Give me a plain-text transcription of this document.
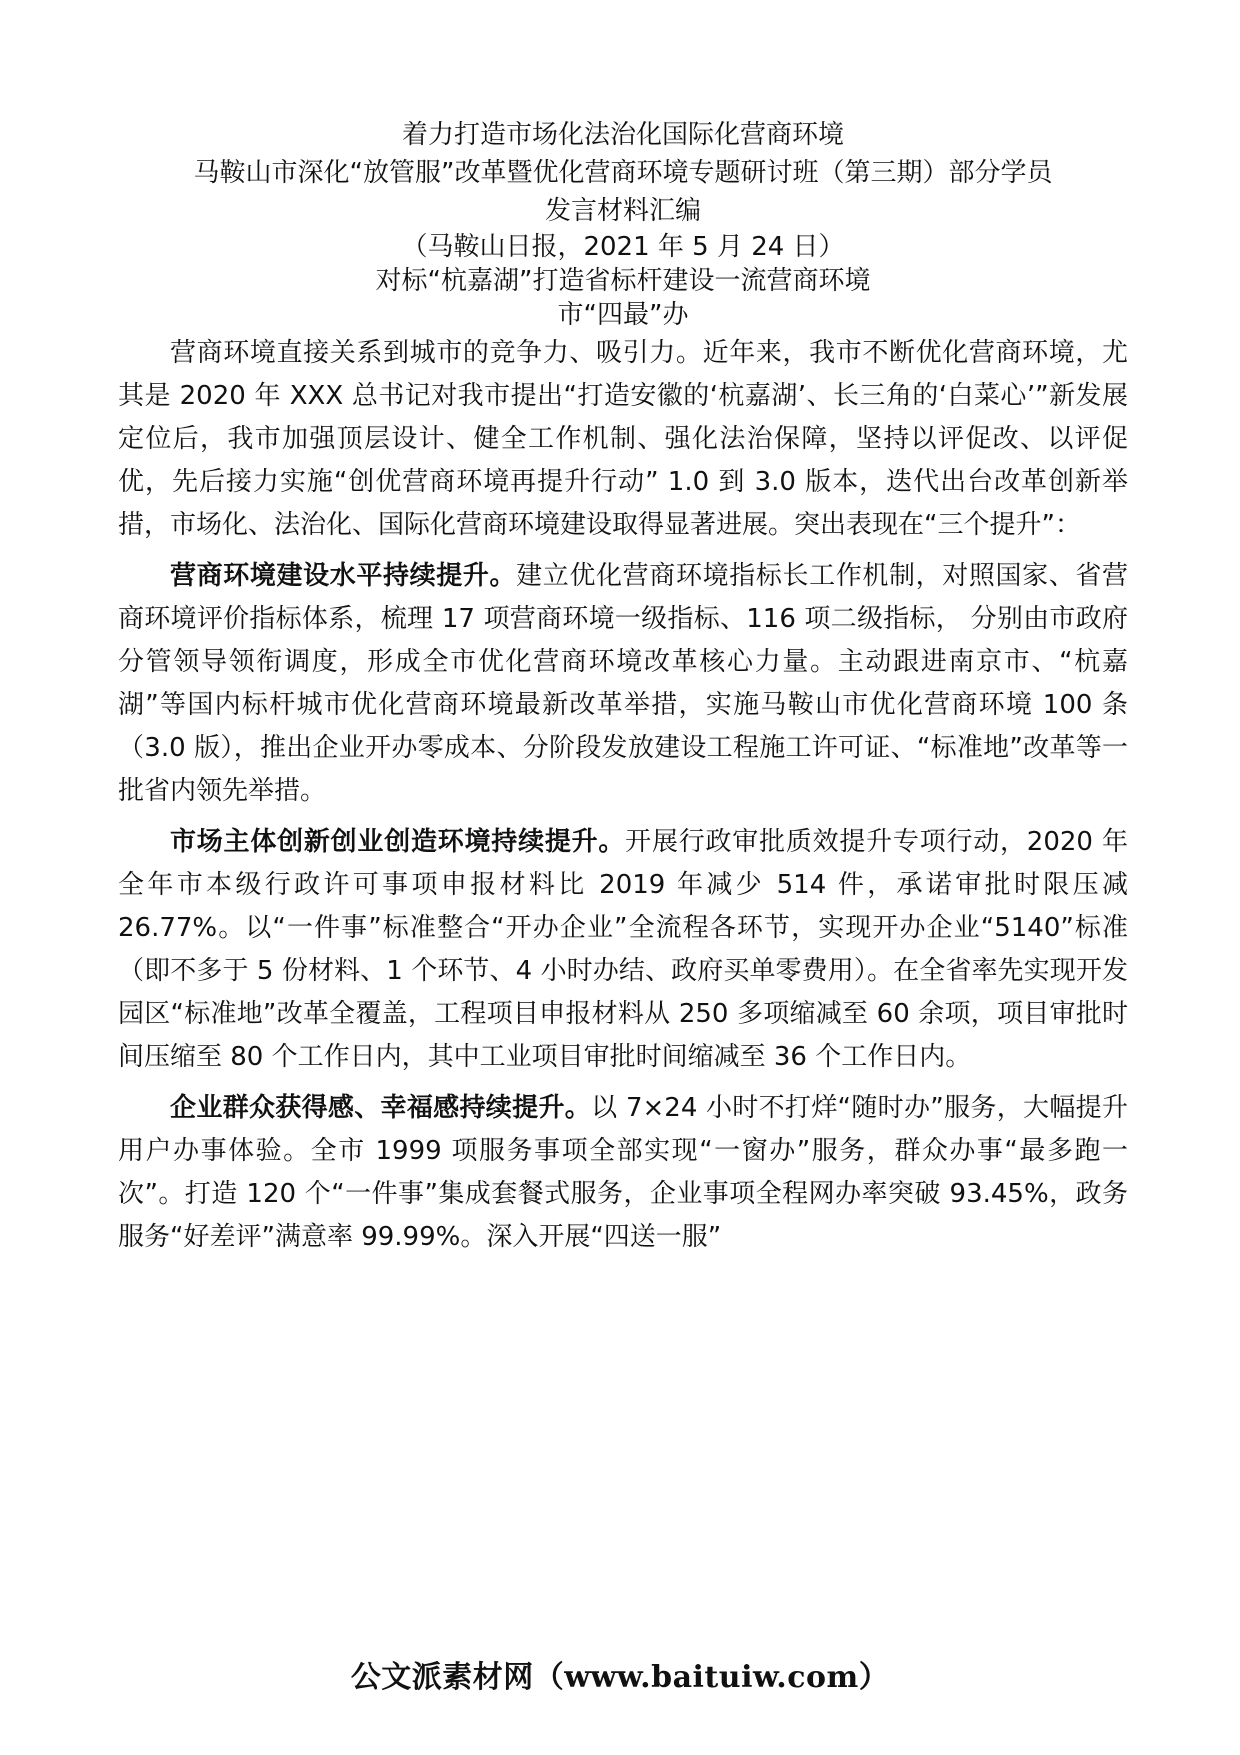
着力打造市场化法治化国际化营商环境

马鞍山市深化“放管服”改革暨优化营商环境专题研讨班（第三期）部分学员

发言材料汇编

（马鞍山日报，2021 年 5 月 24 日）

对标“杭嘉湖”打造省标杆建设一流营商环境

市“四最”办

营商环境直接关系到城市的竞争力、吸引力。近年来，我市不断优化营商环境，尤其是 2020 年 XXX 总书记对我市提出“打造安徽的‘杭嘉湖’、长三角的‘白菜心’”新发展定位后，我市加强顶层设计、健全工作机制、强化法治保障，坚持以评促改、以评促优，先后接力实施“创优营商环境再提升行动” 1.0 到 3.0 版本，迭代出台改革创新举措，市场化、法治化、国际化营商环境建设取得显著进展。突出表现在“三个提升”：

营商环境建设水平持续提升。建立优化营商环境指标长工作机制，对照国家、省营商环境评价指标体系，梳理 17 项营商环境一级指标、116 项二级指标， 分别由市政府分管领导领衔调度，形成全市优化营商环境改革核心力量。主动跟进南京市、“杭嘉湖”等国内标杆城市优化营商环境最新改革举措，实施马鞍山市优化营商环境 100 条（3.0 版），推出企业开办零成本、分阶段发放建设工程施工许可证、“标准地”改革等一批省内领先举措。

市场主体创新创业创造环境持续提升。开展行政审批质效提升专项行动，2020 年全年市本级行政许可事项申报材料比 2019 年减少 514 件，承诺审批时限压减 26.77%。以“一件事”标准整合“开办企业”全流程各环节，实现开办企业“5140”标准（即不多于 5 份材料、1 个环节、4 小时办结、政府买单零费用）。在全省率先实现开发园区“标准地”改革全覆盖，工程项目申报材料从 250 多项缩减至 60 余项，项目审批时间压缩至 80 个工作日内，其中工业项目审批时间缩减至 36 个工作日内。

企业群众获得感、幸福感持续提升。以 7×24 小时不打烊“随时办”服务，大幅提升用户办事体验。全市 1999 项服务事项全部实现“一窗办”服务，群众办事“最多跑一次”。打造 120 个“一件事”集成套餐式服务，企业事项全程网办率突破 93.45%，政务服务“好差评”满意率 99.99%。深入开展“四送一服”

公文派素材网（www.baituiw.com）
